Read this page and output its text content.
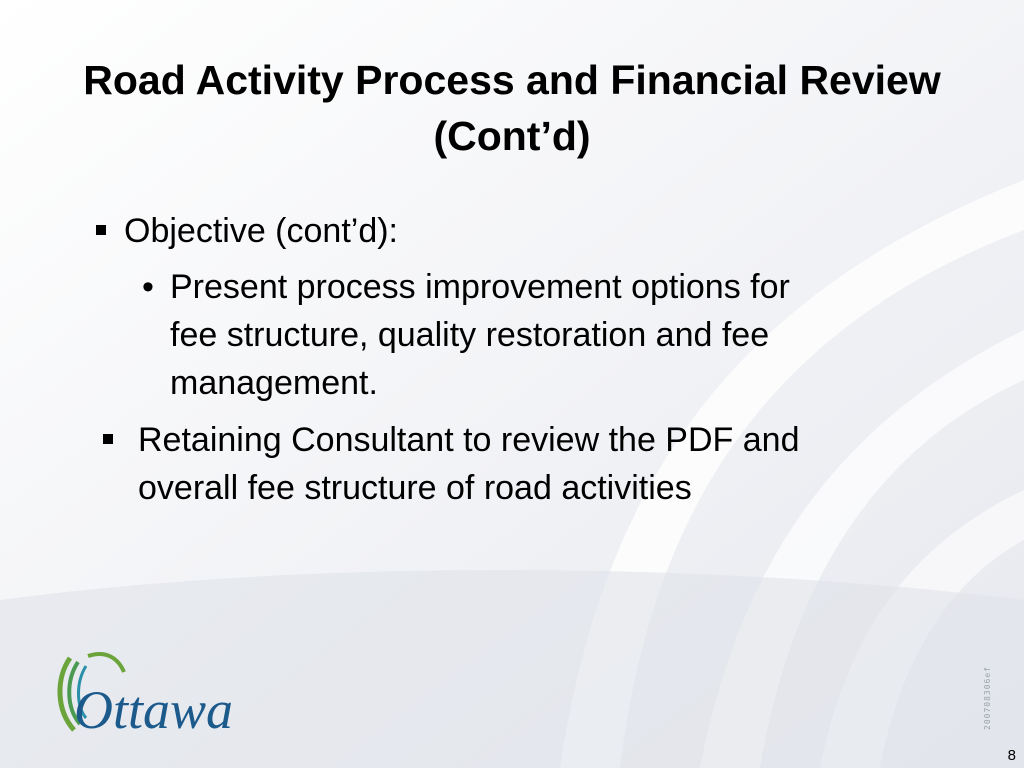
Road Activity Process and Financial Review
(Cont’d)
Objective (cont’d):
• Present process improvement options for
fee structure, quality restoration and fee
management.
Retaining Consultant to review the PDF and
overall fee structure of road activities
Ottawa	200708306ef
8
